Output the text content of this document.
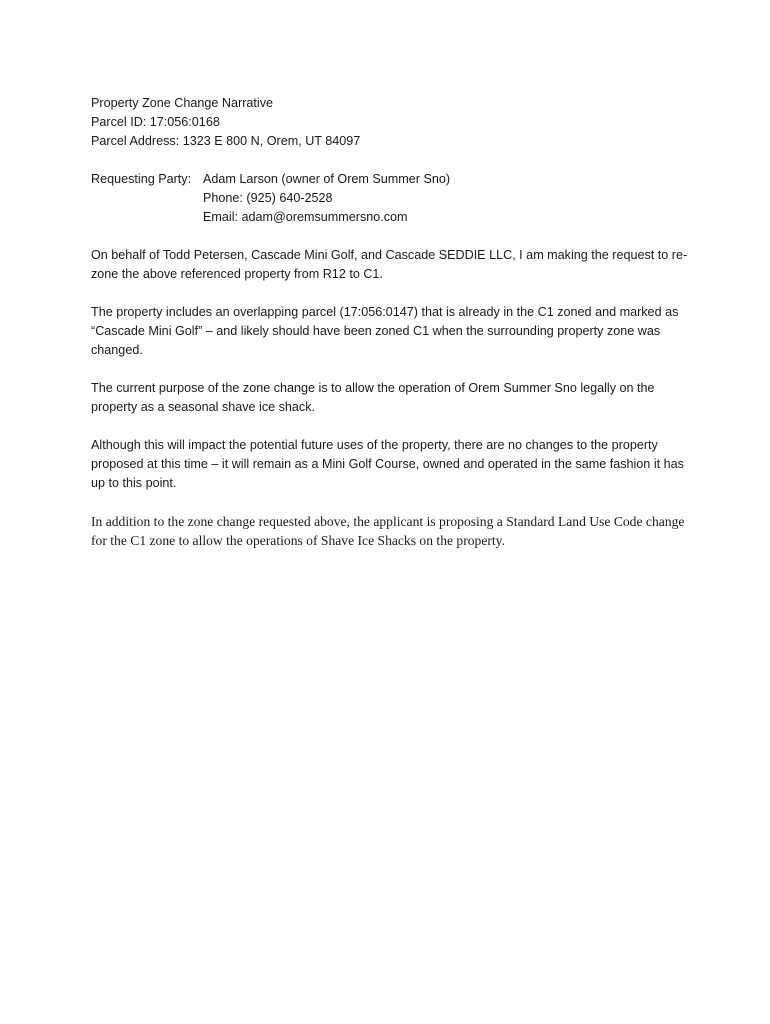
Property Zone Change Narrative
Parcel ID: 17:056:0168
Parcel Address: 1323 E 800 N, Orem, UT 84097
Requesting Party: Adam Larson (owner of Orem Summer Sno)
Phone: (925) 640-2528
Email: adam@oremsummersno.com

On behalf of Todd Petersen, Cascade Mini Golf, and Cascade SEDDIE LLC, I am making the request to re-zone the above referenced property from R12 to C1.

The property includes an overlapping parcel (17:056:0147) that is already in the C1 zoned and marked as “Cascade Mini Golf” – and likely should have been zoned C1 when the surrounding property zone was changed.

The current purpose of the zone change is to allow the operation of Orem Summer Sno legally on the property as a seasonal shave ice shack.

Although this will impact the potential future uses of the property, there are no changes to the property proposed at this time – it will remain as a Mini Golf Course, owned and operated in the same fashion it has up to this point.

In addition to the zone change requested above, the applicant is proposing a Standard Land Use Code change for the C1 zone to allow the operations of Shave Ice Shacks on the property.
